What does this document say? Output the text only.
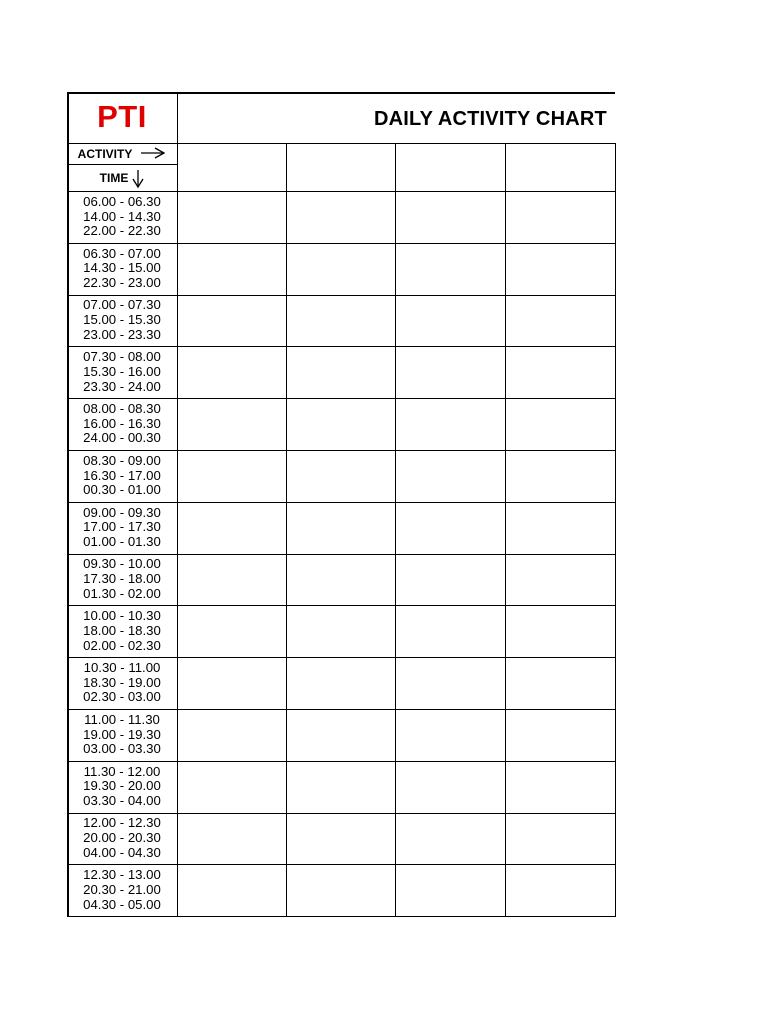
PTI	DAILY ACTIVITY CHART
ACTIVITY
TIME
06.00 - 06.30
14.00 - 14.30
22.00 - 22.30
06.30 - 07.00
14.30 - 15.00
22.30 - 23.00
07.00 - 07.30
15.00 - 15.30
23.00 - 23.30
07.30 - 08.00
15.30 - 16.00
23.30 - 24.00
08.00 - 08.30
16.00 - 16.30
24.00 - 00.30
08.30 - 09.00
16.30 - 17.00
00.30 - 01.00
09.00 - 09.30
17.00 - 17.30
01.00 - 01.30
09.30 - 10.00
17.30 - 18.00
01.30 - 02.00
10.00 - 10.30
18.00 - 18.30
02.00 - 02.30
10.30 - 11.00
18.30 - 19.00
02.30 - 03.00
11.00 - 11.30
19.00 - 19.30
03.00 - 03.30
11.30 - 12.00
19.30 - 20.00
03.30 - 04.00
12.00 - 12.30
20.00 - 20.30
04.00 - 04.30
12.30 - 13.00
20.30 - 21.00
04.30 - 05.00
